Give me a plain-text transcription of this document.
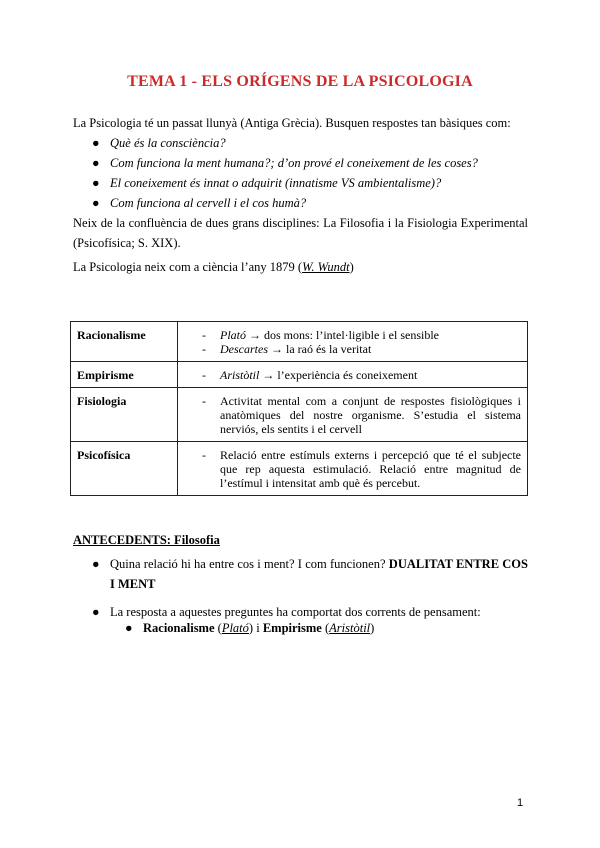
TEMA 1 - ELS ORÍGENS DE LA PSICOLOGIA
La Psicologia té un passat llunyà (Antiga Grècia). Busquen respostes tan bàsiques com:
● Què és la consciència?
● Com funciona la ment humana?; d’on prové el coneixement de les coses?
● El coneixement és innat o adquirit (innatisme VS ambientalisme)?
● Com funciona al cervell i el cos humà?
Neix de la confluència de dues grans disciplines: La Filosofia i la Fisiologia Experimental (Psicofísica; S. XIX).
La Psicologia neix com a ciència l’any 1879 (W. Wundt)
Racionalisme	- Plató → dos mons: l’intel·ligible i el sensible
- Descartes → la raó és la veritat

Empirisme	- Aristòtil → l’experiència és coneixement

Fisiologia	- Activitat mental com a conjunt de respostes fisiològiques i anatòmiques del nostre organisme. S’estudia el sistema nerviós, els sentits i el cervell

Psicofísica	- Relació entre estímuls externs i percepció que té el subjecte que rep aquesta estimulació. Relació entre magnitud de l’estímul i intensitat amb què és percebut.
ANTECEDENTS: Filosofia
● Quina relació hi ha entre cos i ment? I com funcionen? DUALITAT ENTRE COS I MENT
● La resposta a aquestes preguntes ha comportat dos corrents de pensament:
● Racionalisme (Plató) i Empirisme (Aristòtil)
1
